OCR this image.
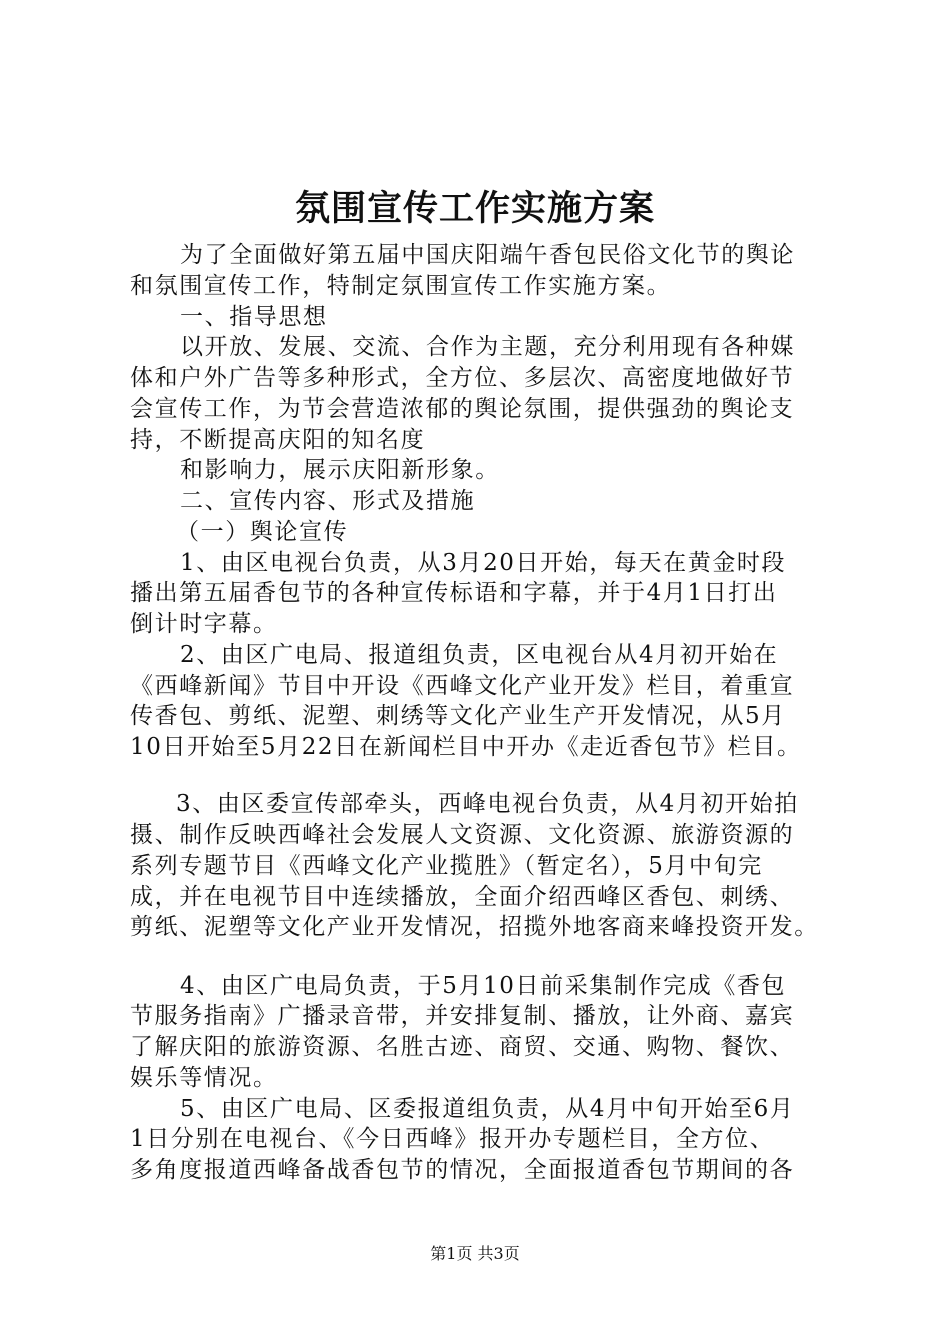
氛围宣传工作实施方案
为了全面做好第五届中国庆阳端午香包民俗文化节的舆论
和氛围宣传工作，特制定氛围宣传工作实施方案。
一、指导思想
以开放、发展、交流、合作为主题，充分利用现有各种媒
体和户外广告等多种形式，全方位、多层次、高密度地做好节
会宣传工作，为节会营造浓郁的舆论氛围，提供强劲的舆论支
持，不断提高庆阳的知名度
和影响力，展示庆阳新形象。
二、宣传内容、形式及措施
（一）舆论宣传
1、由区电视台负责，从3月20日开始，每天在黄金时段
播出第五届香包节的各种宣传标语和字幕，并于4月1日打出
倒计时字幕。
2、由区广电局、报道组负责，区电视台从4月初开始在
《西峰新闻》节目中开设《西峰文化产业开发》栏目，着重宣
传香包、剪纸、泥塑、刺绣等文化产业生产开发情况，从5月
10日开始至5月22日在新闻栏目中开办《走近香包节》栏目。
3、由区委宣传部牵头，西峰电视台负责，从4月初开始拍
摄、制作反映西峰社会发展人文资源、文化资源、旅游资源的
系列专题节目《西峰文化产业揽胜》（暂定名），5月中旬完
成，并在电视节目中连续播放，全面介绍西峰区香包、刺绣、
剪纸、泥塑等文化产业开发情况，招揽外地客商来峰投资开发。
4、由区广电局负责，于5月10日前采集制作完成《香包
节服务指南》广播录音带，并安排复制、播放，让外商、嘉宾
了解庆阳的旅游资源、名胜古迹、商贸、交通、购物、餐饮、
娱乐等情况。
5、由区广电局、区委报道组负责，从4月中旬开始至6月
1日分别在电视台、《今日西峰》报开办专题栏目，全方位、
多角度报道西峰备战香包节的情况，全面报道香包节期间的各
第1页 共3页
